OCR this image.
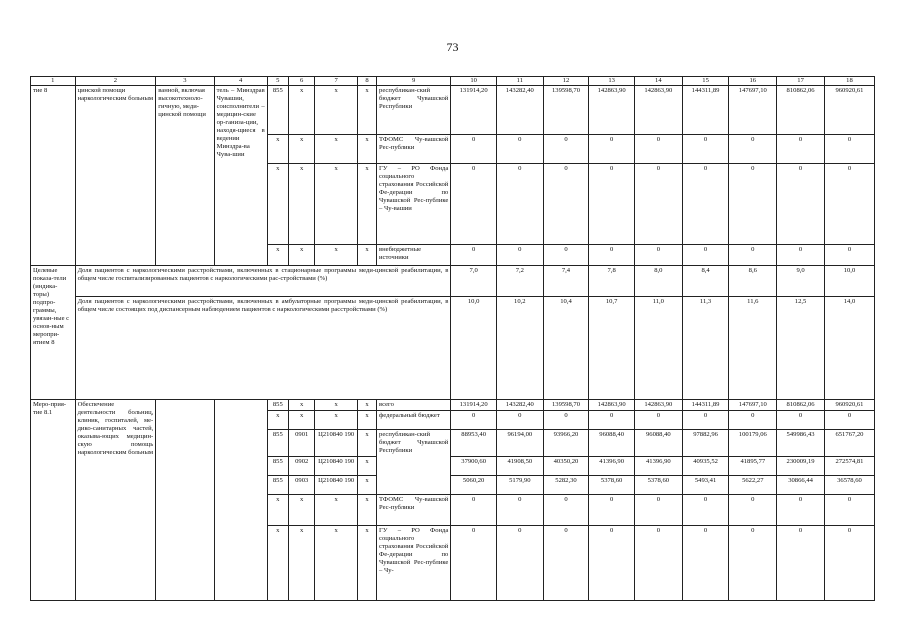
73
1	2	3	4	5	6	7	8	9	10	11	12	13	14	15	16	17	18
тие 8	цинской помощи наркологическим больным	ванной, включая высокотехноло-гичную, меди-цинской помощи	тель – Минздрав Чувашии, соисполнители – медицин-ские ор-ганиза-ции, находя-щиеся в ведении Минздра-ва Чува-шии	855	х	х	х	республикан-ский бюджет Чувашской Республики	131914,20	143282,40	139598,70	142863,90	142863,90	144311,89	147697,10	810862,06	960920,61
				х	х	х	х	ТФОМС Чу-вашской Рес-публики	0	0	0	0	0	0	0	0	0
				х	х	х	х	ГУ – РО Фонда социального страхования Российской Фе-дерации по Чувашской Рес-публике – Чу-вашии	0	0	0	0	0	0	0	0	0
				х	х	х	х	внебюджетные источники	0	0	0	0	0	0	0	0	0
Целевые показа-тели (индика-торы) подпро-граммы, увязан-ные с основ-ным меропри-ятием 8	Доля пациентов с наркологическими расстройствами, включенных в стационарные программы меди-цинской реабилитации, в общем числе госпитализированных пациентов с наркологическими рас-стройствами (%)								7,0	7,2	7,4	7,8	8,0	8,4	8,6	9,0	10,0
	Доля пациентов с наркологическими расстройствами, включенных в амбулаторные программы меди-цинской реабилитации, в общем числе состоящих под диспансерным наблюдением пациентов с наркологическими расстройствами (%)								10,0	10,2	10,4	10,7	11,0	11,3	11,6	12,5	14,0
Меро-прия-тие 8.1	Обеспечение деятельности больниц, клиник, госпиталей, ме-дико-санитарных частей, оказыва-ющих медицин-скую помощь наркологическим больным			855	х	х	х	всего	131914,20	143282,40	139598,70	142863,90	142863,90	144311,89	147697,10	810862,06	960920,61
				х	х	х	х	федеральный бюджет	0	0	0	0	0	0	0	0	0
				855	0901	Ц210840 190	х	республикан-ский бюджет Чувашской Республики	88953,40	96194,00	93966,20	96088,40	96088,40	97882,96	100179,06	549986,43	651767,20
				855	0902	Ц210840 190	х		37900,60	41908,50	40350,20	41396,90	41396,90	40935,52	41895,77	230009,19	272574,81
				855	0903	Ц210840 190	х		5060,20	5179,90	5282,30	5378,60	5378,60	5493,41	5622,27	30866,44	36578,60
				х	х	х	х	ТФОМС Чу-вашской Рес-публики	0	0	0	0	0	0	0	0	0
				х	х	х	х	ГУ – РО Фонда социального страхования Российской Фе-дерации по Чувашской Рес-публике – Чу-	0	0	0	0	0	0	0	0	0
